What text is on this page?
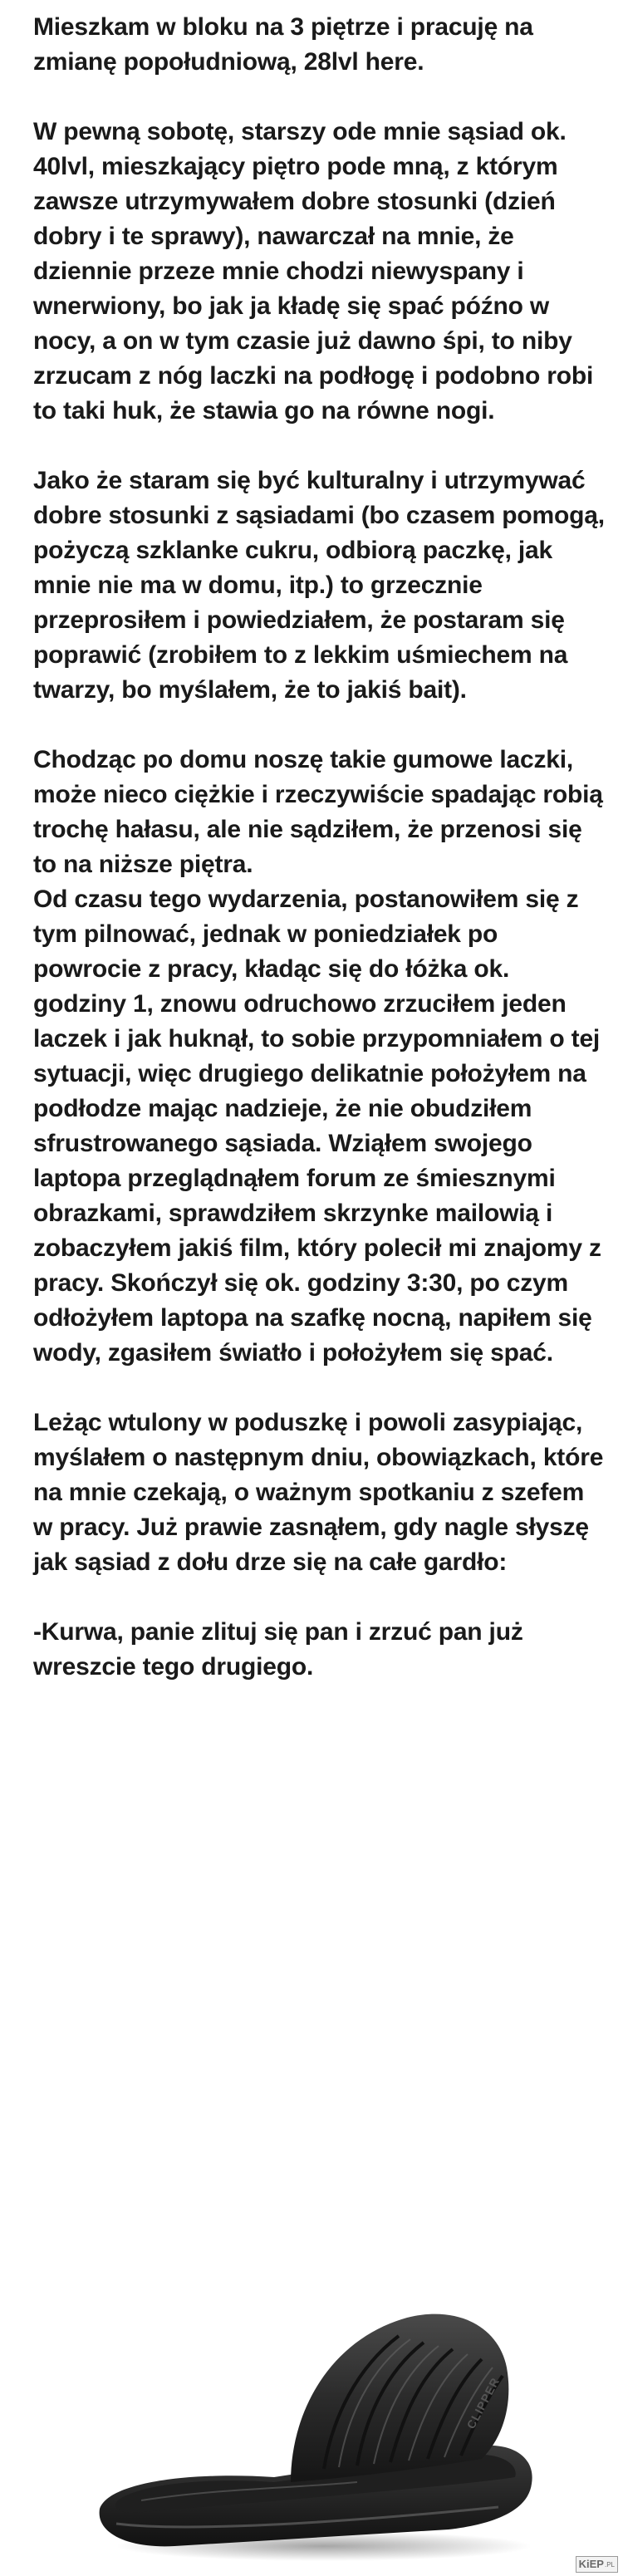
Mieszkam w bloku na 3 piętrze i pracuję na zmianę popołudniową, 28lvl here.

W pewną sobotę, starszy ode mnie sąsiad ok. 40lvl, mieszkający piętro pode mną, z którym zawsze utrzymywałem dobre stosunki (dzień dobry i te sprawy), nawarczał na mnie, że dziennie przeze mnie chodzi niewyspany i wnerwiony, bo jak ja kładę się spać późno w nocy, a on w tym czasie już dawno śpi, to niby zrzucam z nóg laczki na podłogę i podobno robi to taki huk, że stawia go na równe nogi.

Jako że staram się być kulturalny i utrzymywać dobre stosunki z sąsiadami (bo czasem pomogą, pożyczą szklanke cukru, odbiorą paczkę, jak mnie nie ma w domu, itp.) to grzecznie przeprosiłem i powiedziałem, że postaram się poprawić (zrobiłem to z lekkim uśmiechem na twarzy, bo myślałem, że to jakiś bait).

Chodząc po domu noszę takie gumowe laczki, może nieco ciężkie i rzeczywiście spadając robią trochę hałasu, ale nie sądziłem, że przenosi się to na niższe piętra.

Od czasu tego wydarzenia, postanowiłem się z tym pilnować, jednak w poniedziałek po powrocie z pracy, kładąc się do łóżka ok. godziny 1, znowu odruchowo zrzuciłem jeden laczek i jak huknął, to sobie przypomniałem o tej sytuacji, więc drugiego delikatnie położyłem na podłodze mając nadzieje, że nie obudziłem sfrustrowanego sąsiada. Wziąłem swojego laptopa przeglądnąłem forum ze śmiesznymi obrazkami, sprawdziłem skrzynke mailowią i zobaczyłem jakiś film, który polecił mi znajomy z pracy. Skończył się ok. godziny 3:30, po czym odłożyłem laptopa na szafkę nocną, napiłem się wody, zgasiłem światło i położyłem się spać.

Leżąc wtulony w poduszkę i powoli zasypiając, myślałem o następnym dniu, obowiązkach, które na mnie czekają, o ważnym spotkaniu z szefem w pracy. Już prawie zasnąłem, gdy nagle słyszę jak sąsiad z dołu drze się na całe gardło:

-Kurwa, panie zlituj się pan i zrzuć pan już wreszcie tego drugiego.

CLIPPER
KiEP .PL
